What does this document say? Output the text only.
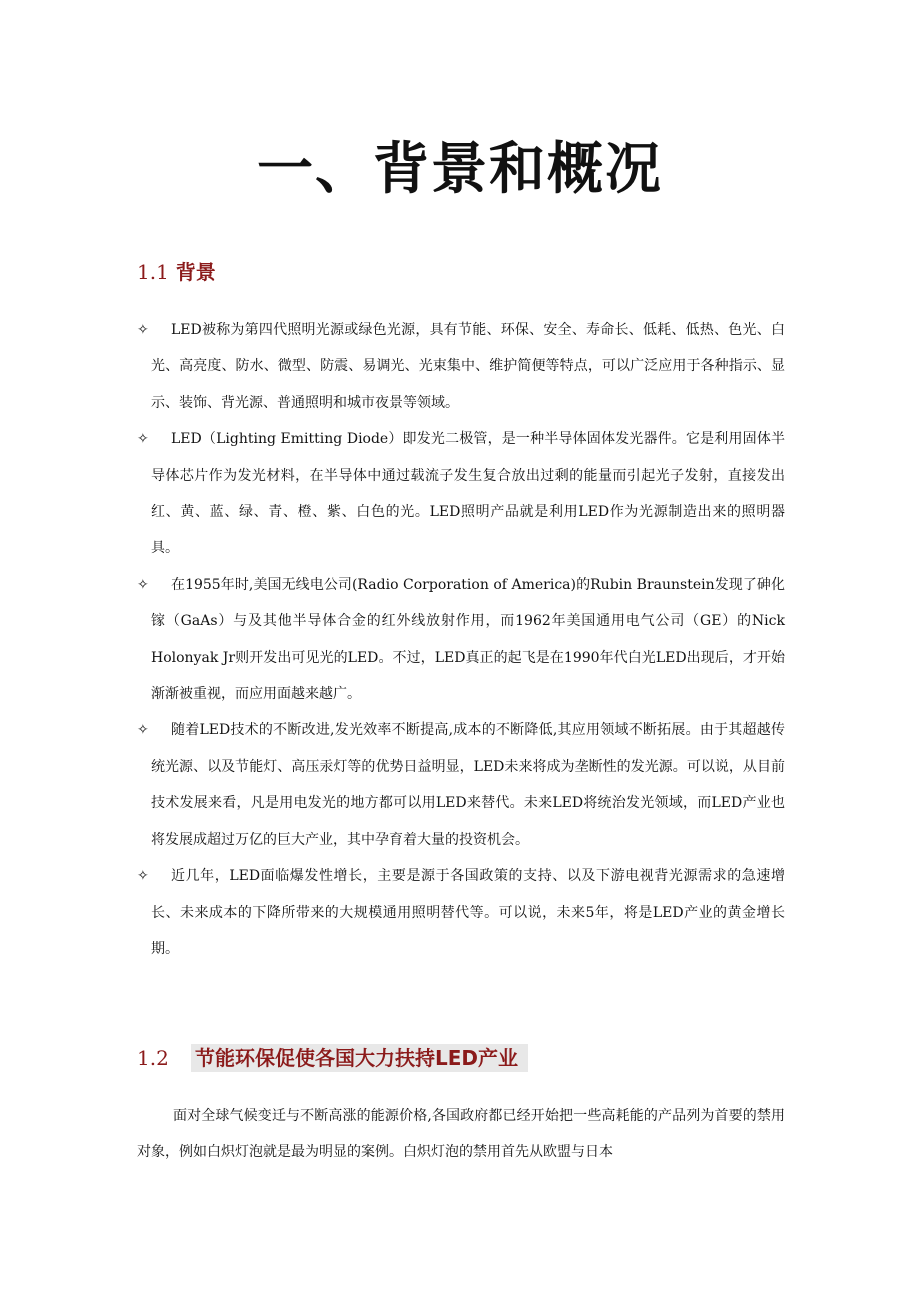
一、背景和概况
1.1 背景
✧	LED被称为第四代照明光源或绿色光源，具有节能、环保、安全、寿命长、低耗、低热、色光、白光、高亮度、防水、微型、防震、易调光、光束集中、维护简便等特点，可以广泛应用于各种指示、显示、装饰、背光源、普通照明和城市夜景等领域。
✧	LED（Lighting Emitting Diode）即发光二极管，是一种半导体固体发光器件。它是利用固体半导体芯片作为发光材料，在半导体中通过载流子发生复合放出过剩的能量而引起光子发射，直接发出红、黄、蓝、绿、青、橙、紫、白色的光。LED照明产品就是利用LED作为光源制造出来的照明器具。
✧	在1955年时,美国无线电公司(Radio Corporation of America)的Rubin Braunstein发现了砷化镓（GaAs）与及其他半导体合金的红外线放射作用，而1962年美国通用电气公司（GE）的Nick Holonyak Jr则开发出可见光的LED。不过，LED真正的起飞是在1990年代白光LED出现后，才开始渐渐被重视，而应用面越来越广。
✧	随着LED技术的不断改进,发光效率不断提高,成本的不断降低,其应用领域不断拓展。由于其超越传统光源、以及节能灯、高压汞灯等的优势日益明显，LED未来将成为垄断性的发光源。可以说，从目前技术发展来看，凡是用电发光的地方都可以用LED来替代。未来LED将统治发光领域，而LED产业也将发展成超过万亿的巨大产业，其中孕育着大量的投资机会。
✧	近几年，LED面临爆发性增长，主要是源于各国政策的支持、以及下游电视背光源需求的急速增长、未来成本的下降所带来的大规模通用照明替代等。可以说，未来5年，将是LED产业的黄金增长期。
1.2 节能环保促使各国大力扶持LED产业

面对全球气候变迁与不断高涨的能源价格,各国政府都已经开始把一些高耗能的产品列为首要的禁用对象，例如白炽灯泡就是最为明显的案例。白炽灯泡的禁用首先从欧盟与日本
